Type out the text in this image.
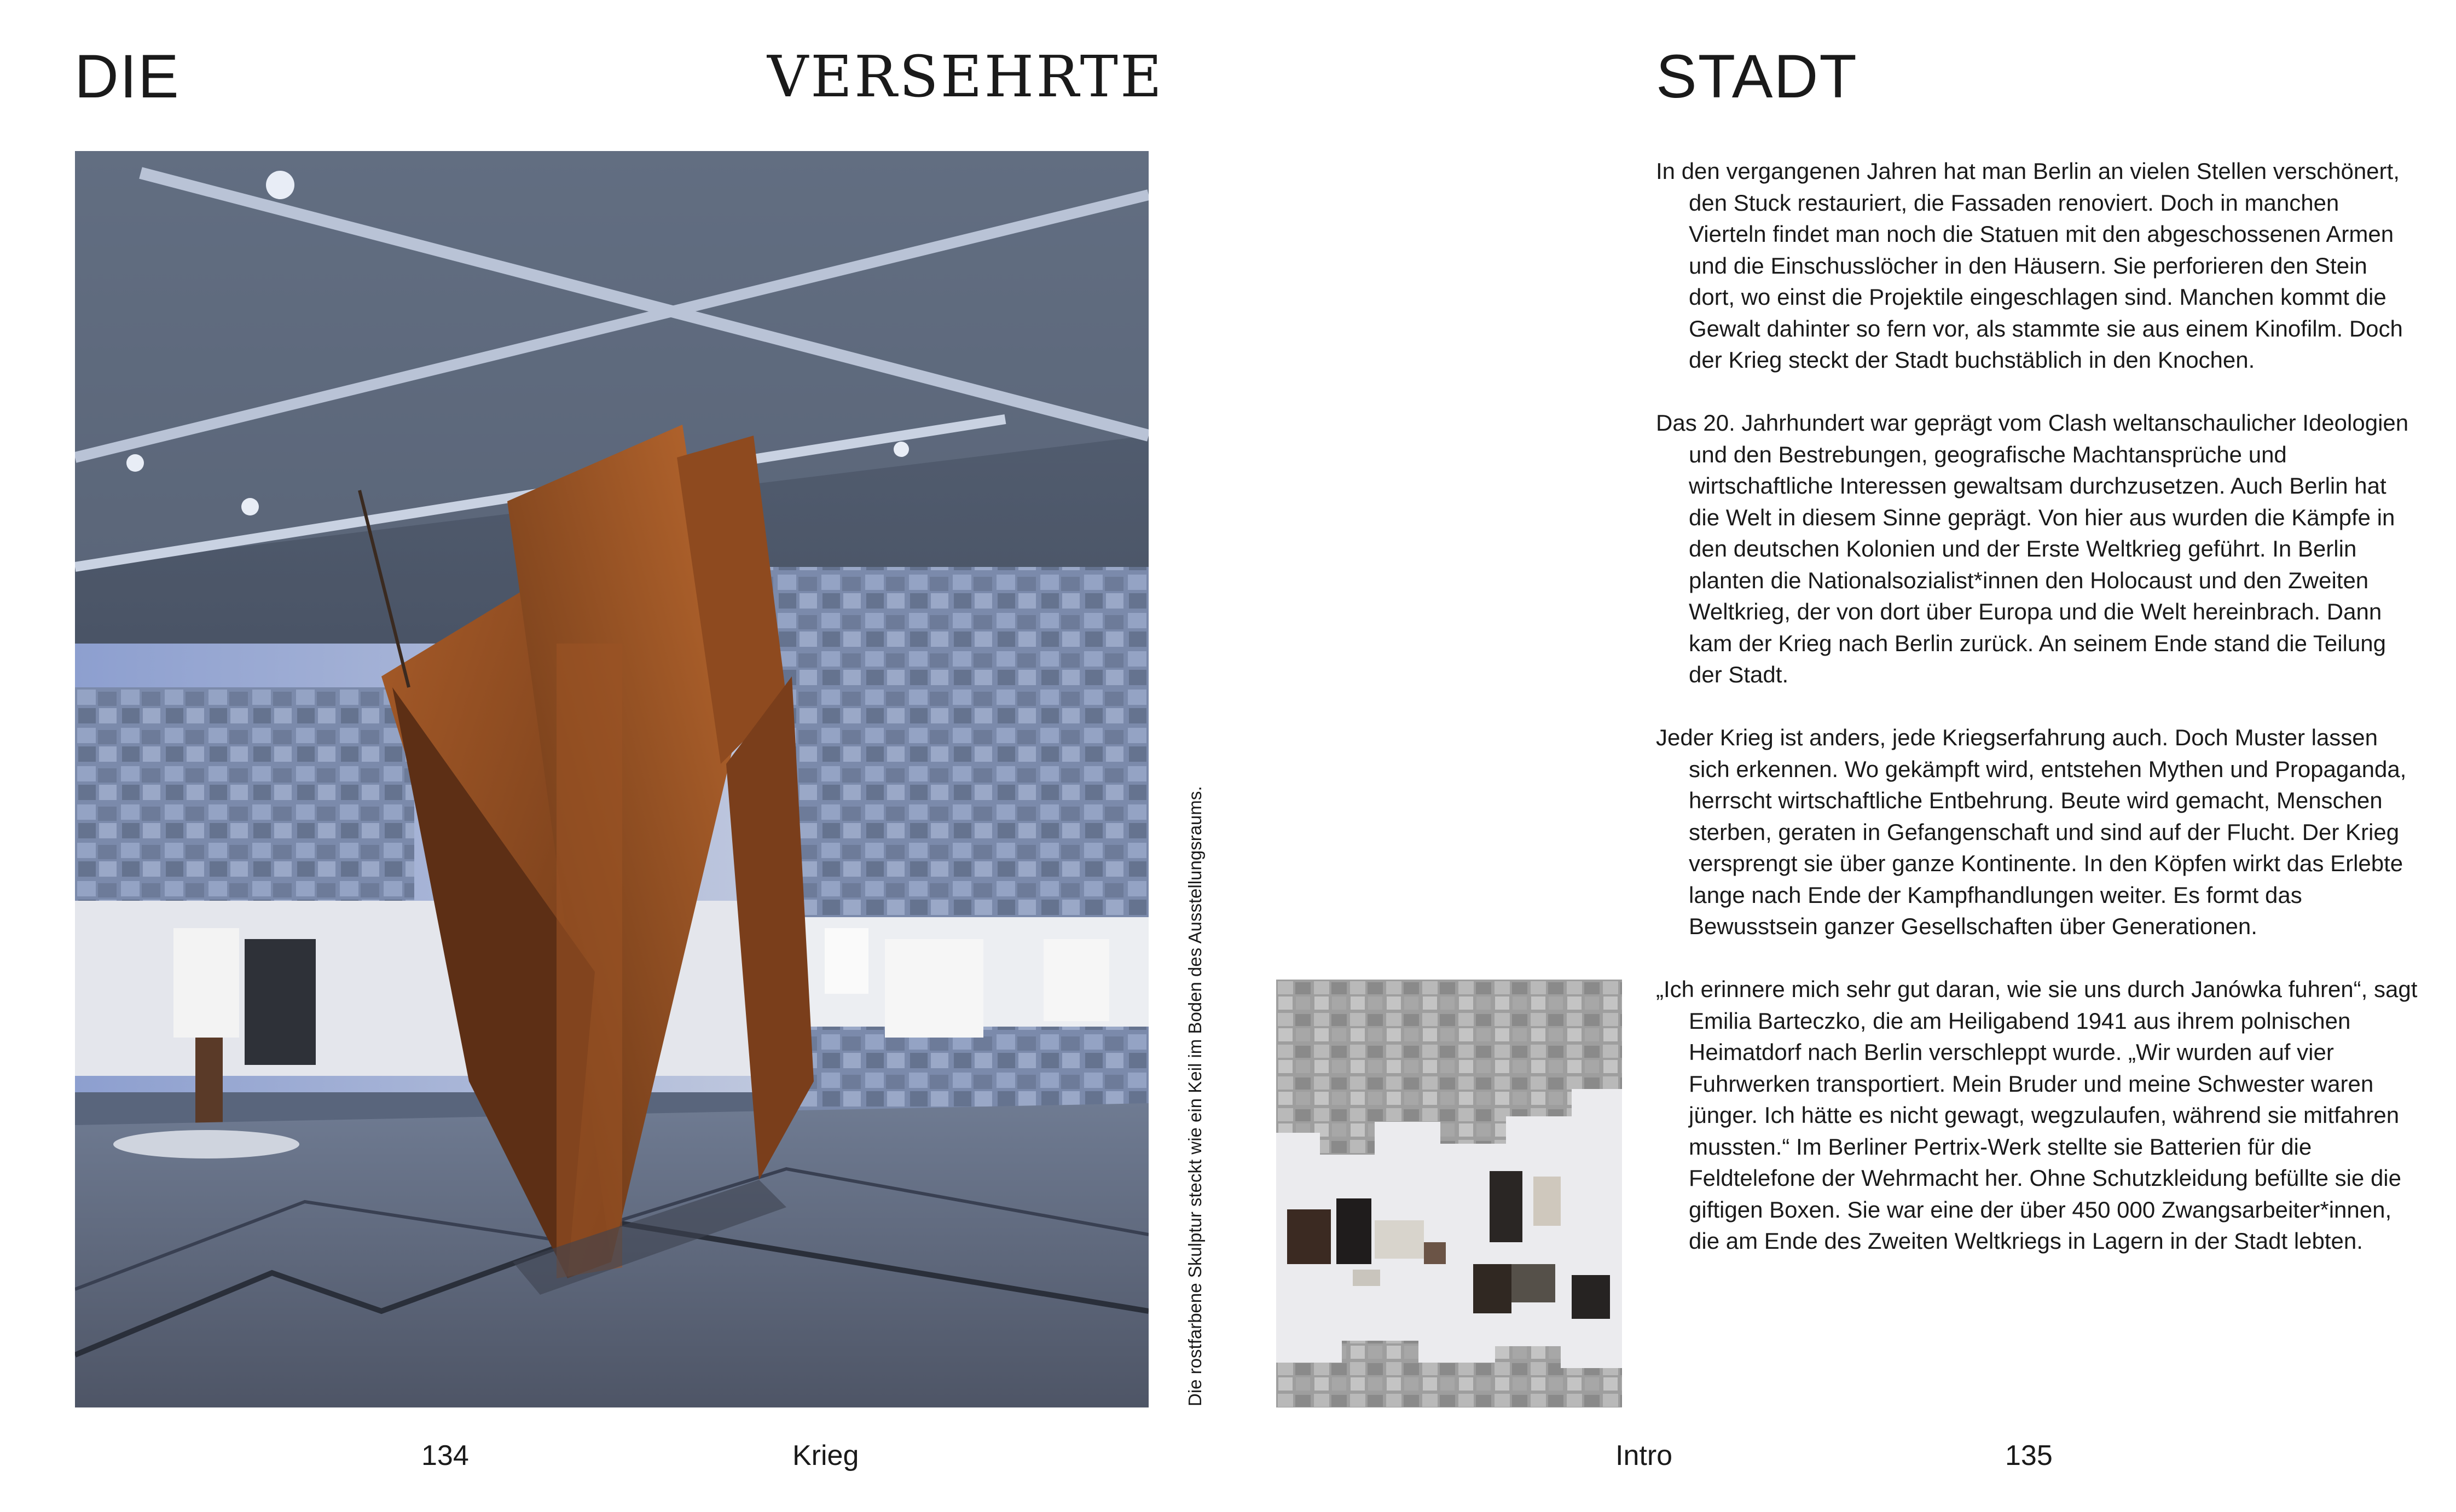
DIE	VERSEHRTE	STADT
Die rostfarbene Skulptur steckt wie ein Keil im Boden des Ausstellungsraums.

In den vergangenen Jahren hat man Berlin an vielen Stellen verschönert, den Stuck restauriert, die Fassaden renoviert. Doch in manchen Vierteln findet man noch die Statuen mit den abgeschossenen Armen und die Einschusslöcher in den Häusern. Sie perforieren den Stein dort, wo einst die Projektile eingeschlagen sind. Manchen kommt die Gewalt dahinter so fern vor, als stammte sie aus einem Kinofilm. Doch der Krieg steckt der Stadt buchstäblich in den Knochen.

Das 20. Jahrhundert war geprägt vom Clash weltanschaulicher Ideologien und den Bestrebungen, geografische Machtansprüche und wirtschaftliche Interessen gewaltsam durchzusetzen. Auch Berlin hat die Welt in diesem Sinne geprägt. Von hier aus wurden die Kämpfe in den deutschen Kolonien und der Erste Weltkrieg geführt. In Berlin planten die Nationalsozialist*innen den Holocaust und den Zweiten Weltkrieg, der von dort über Europa und die Welt hereinbrach. Dann kam der Krieg nach Berlin zurück. An seinem Ende stand die Teilung der Stadt.

Jeder Krieg ist anders, jede Kriegserfahrung auch. Doch Muster lassen sich erkennen. Wo gekämpft wird, entstehen Mythen und Propaganda, herrscht wirtschaftliche Entbehrung. Beute wird gemacht, Menschen sterben, geraten in Gefangenschaft und sind auf der Flucht. Der Krieg versprengt sie über ganze Kontinente. In den Köpfen wirkt das Erlebte lange nach Ende der Kampfhandlungen weiter. Es formt das Bewusstsein ganzer Gesellschaften über Generationen.

„Ich erinnere mich sehr gut daran, wie sie uns durch Janówka fuhren“, sagt Emilia Barteczko, die am Heiligabend 1941 aus ihrem polnischen Heimatdorf nach Berlin verschleppt wurde. „Wir wurden auf vier Fuhrwerken transportiert. Mein Bruder und meine Schwester waren jünger. Ich hätte es nicht gewagt, wegzulaufen, während sie mitfahren mussten.“ Im Berliner Pertrix-Werk stellte sie Batterien für die Feldtelefone der Wehrmacht her. Ohne Schutzkleidung befüllte sie die giftigen Boxen. Sie war eine der über 450 000 Zwangsarbeiter*innen, die am Ende des Zweiten Weltkriegs in Lagern in der Stadt lebten.

134	Krieg	Intro	135
